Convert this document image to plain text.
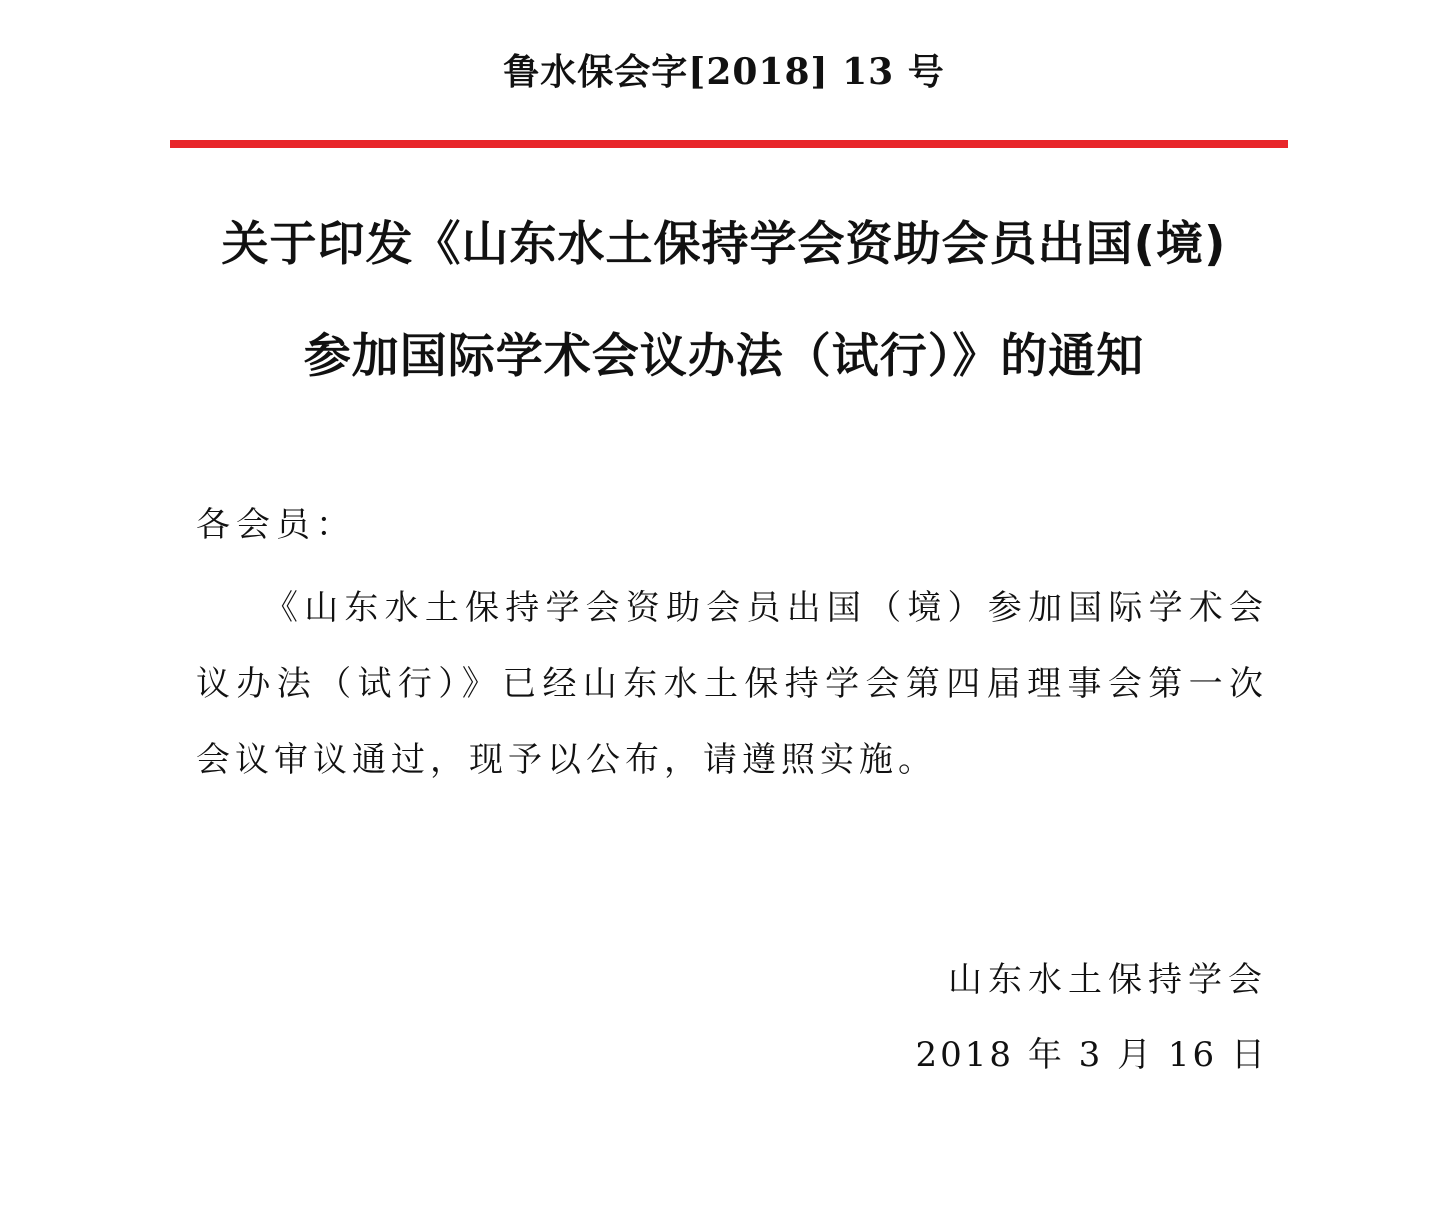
鲁水保会字[2018] 13 号
关于印发《山东水土保持学会资助会员出国(境)
参加国际学术会议办法（试行）》的通知
各会员：
《山东水土保持学会资助会员出国（境）参加国际学术会议办法（试行）》已经山东水土保持学会第四届理事会第一次会议审议通过，现予以公布，请遵照实施。
山东水土保持学会
2018 年 3 月 16 日
